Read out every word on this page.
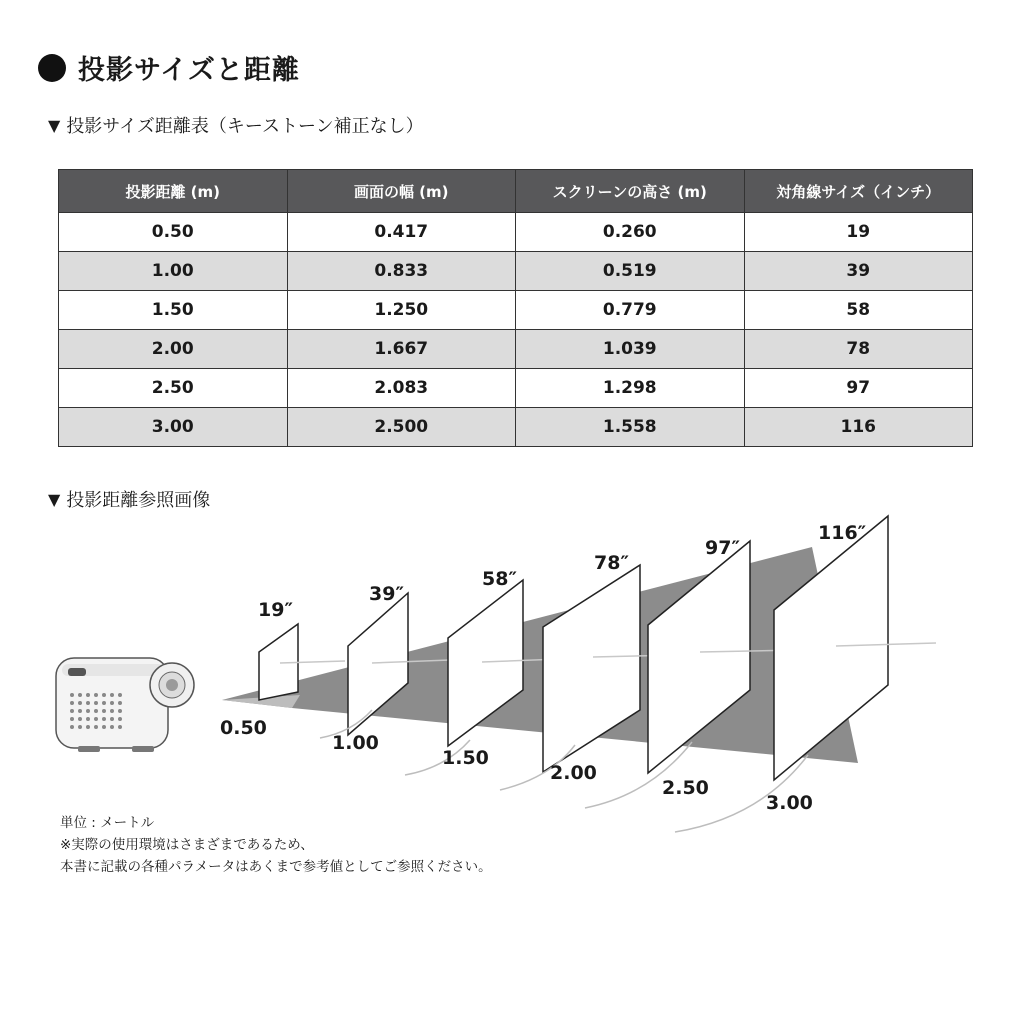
投影サイズと距離
▼ 投影サイズ距離表（キーストーン補正なし）
投影距離 (m)	画面の幅 (m)	スクリーンの高さ (m)	対角線サイズ（インチ）
0.50	0.417	0.260	19
1.00	0.833	0.519	39
1.50	1.250	0.779	58
2.00	1.667	1.039	78
2.50	2.083	1.298	97
3.00	2.500	1.558	116
▼ 投影距離参照画像
19″
39″
58″
78″
97″
116″
0.50
1.00
1.50
2.00
2.50
3.00
単位 : メートル
※実際の使用環境はさまざまであるため、
本書に記載の各種パラメータはあくまで参考値としてご参照ください。
